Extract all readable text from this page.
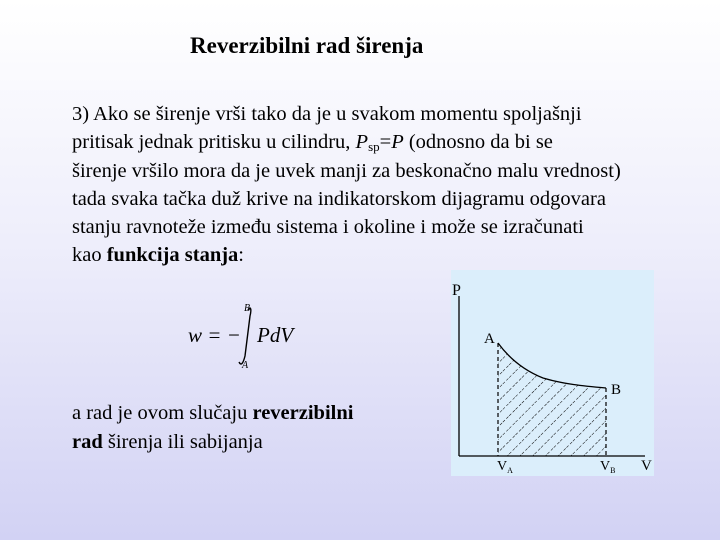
Reverzibilni rad širenja
3) Ako se širenje vrši tako da je u svakom momentu spoljašnji
pritisak jednak pritisku u cilindru, $P_{sp}=P$ (odnosno da bi se
širenje vršilo mora da je uvek manji za beskonačno malu vrednost)
tada svaka tačka duž krive na indikatorskom dijagramu odgovara
stanju ravnoteže između sistema i okoline i može se izračunati
kao funkcija stanja:
w = −
B
A
PdV
a rad je ovom slučaju reverzibilni
rad širenja ili sabijanja
P
A
B
$V_A$	$V_B$ V
